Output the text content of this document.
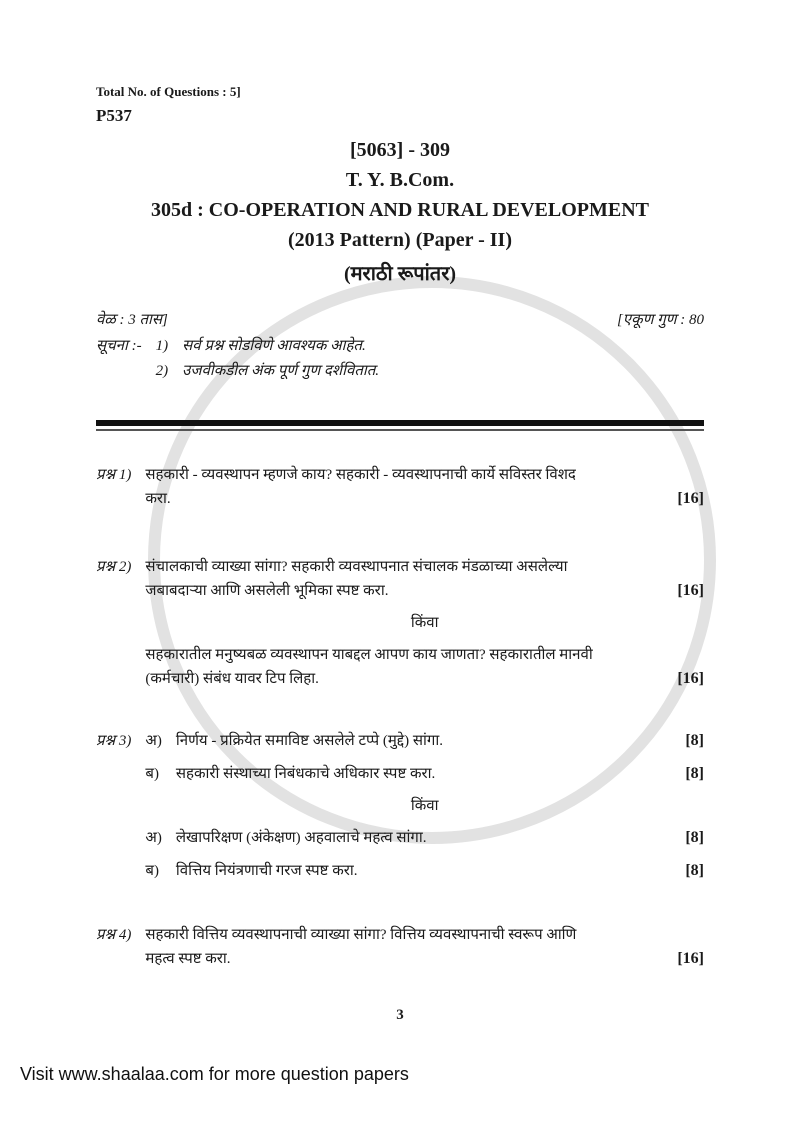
Total No. of Questions : 5]
P537
[5063] - 309
T. Y. B.Com.
305d : CO-OPERATION AND RURAL DEVELOPMENT
(2013 Pattern) (Paper - II)
(मराठी रूपांतर)
वेळ : 3 तास]	[एकूण गुण : 80
सूचना :- 1) सर्व प्रश्न सोडविणे आवश्यक आहेत.
2) उजवीकडील अंक पूर्ण गुण दर्शवितात.
प्रश्न 1) सहकारी - व्यवस्थापन म्हणजे काय? सहकारी - व्यवस्थापनाची कार्ये सविस्तर विशद
करा.	[16]
प्रश्न 2) संचालकाची व्याख्या सांगा? सहकारी व्यवस्थापनात संचालक मंडळाच्या असलेल्या
जबाबदाऱ्या आणि असलेली भूमिका स्पष्ट करा.	[16]
किंवा
सहकारातील मनुष्यबळ व्यवस्थापन याबद्दल आपण काय जाणता? सहकारातील मानवी
(कर्मचारी) संबंध यावर टिप लिहा.	[16]
प्रश्न 3) अ) निर्णय - प्रक्रियेत समाविष्ट असलेले टप्पे (मुद्दे) सांगा.	[8]
ब) सहकारी संस्थाच्या निबंधकाचे अधिकार स्पष्ट करा.	[8]
किंवा
अ) लेखापरिक्षण (अंकेक्षण) अहवालाचे महत्व सांगा.	[8]
ब) वित्तिय नियंत्रणाची गरज स्पष्ट करा.	[8]
प्रश्न 4) सहकारी वित्तिय व्यवस्थापनाची व्याख्या सांगा? वित्तिय व्यवस्थापनाची स्वरूप आणि
महत्व स्पष्ट करा.	[16]
3
Visit www.shaalaa.com for more question papers
